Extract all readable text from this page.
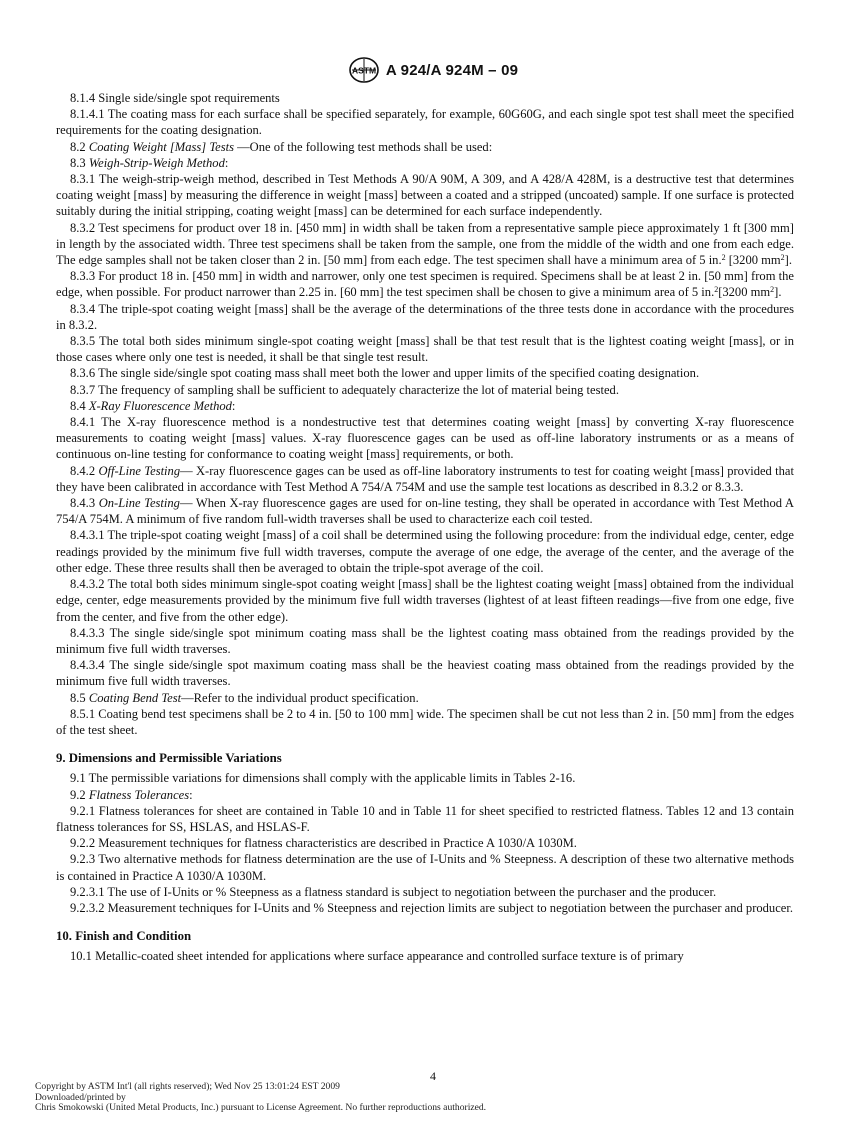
ASTM A 924/A 924M – 09

8.1.4 Single side/single spot requirements

8.1.4.1 The coating mass for each surface shall be specified separately, for example, 60G60G, and each single spot test shall meet the specified requirements for the coating designation.

8.2 Coating Weight [Mass] Tests —One of the following test methods shall be used:

8.3 Weigh-Strip-Weigh Method:

8.3.1 The weigh-strip-weigh method, described in Test Methods A 90/A 90M, A 309, and A 428/A 428M, is a destructive test that determines coating weight [mass] by measuring the difference in weight [mass] between a coated and a stripped (uncoated) sample. If one surface is protected suitably during the initial stripping, coating weight [mass] can be determined for each surface independently.

8.3.2 Test specimens for product over 18 in. [450 mm] in width shall be taken from a representative sample piece approximately 1 ft [300 mm] in length by the associated width. Three test specimens shall be taken from the sample, one from the middle of the width and one from each edge. The edge samples shall not be taken closer than 2 in. [50 mm] from each edge. The test specimen shall have a minimum area of 5 in.$^2$ [3200 $mm^2$].

8.3.3 For product 18 in. [450 mm] in width and narrower, only one test specimen is required. Specimens shall be at least 2 in. [50 mm] from the edge, when possible. For product narrower than 2.25 in. [60 mm] the test specimen shall be chosen to give a minimum area of 5 in.$^2$[3200 $mm^2$].

8.3.4 The triple-spot coating weight [mass] shall be the average of the determinations of the three tests done in accordance with the procedures in 8.3.2.

8.3.5 The total both sides minimum single-spot coating weight [mass] shall be that test result that is the lightest coating weight [mass], or in those cases where only one test is needed, it shall be that single test result.

8.3.6 The single side/single spot coating mass shall meet both the lower and upper limits of the specified coating designation.

8.3.7 The frequency of sampling shall be sufficient to adequately characterize the lot of material being tested.

8.4 X-Ray Fluorescence Method:

8.4.1 The X-ray fluorescence method is a nondestructive test that determines coating weight [mass] by converting X-ray fluorescence measurements to coating weight [mass] values. X-ray fluorescence gages can be used as off-line laboratory instruments or as a means of continuous on-line testing for conformance to coating weight [mass] requirements, or both.

8.4.2 Off-Line Testing— X-ray fluorescence gages can be used as off-line laboratory instruments to test for coating weight [mass] provided that they have been calibrated in accordance with Test Method A 754/A 754M and use the sample test locations as described in 8.3.2 or 8.3.3.

8.4.3 On-Line Testing— When X-ray fluorescence gages are used for on-line testing, they shall be operated in accordance with Test Method A 754/A 754M. A minimum of five random full-width traverses shall be used to characterize each coil tested.

8.4.3.1 The triple-spot coating weight [mass] of a coil shall be determined using the following procedure: from the individual edge, center, edge readings provided by the minimum five full width traverses, compute the average of one edge, the average of the center, and the average of the other edge. These three results shall then be averaged to obtain the triple-spot average of the coil.

8.4.3.2 The total both sides minimum single-spot coating weight [mass] shall be the lightest coating weight [mass] obtained from the individual edge, center, edge measurements provided by the minimum five full width traverses (lightest of at least fifteen readings—five from one edge, five from the center, and five from the other edge).

8.4.3.3 The single side/single spot minimum coating mass shall be the lightest coating mass obtained from the readings provided by the minimum five full width traverses.

8.4.3.4 The single side/single spot maximum coating mass shall be the heaviest coating mass obtained from the readings provided by the minimum five full width traverses.

8.5 Coating Bend Test—Refer to the individual product specification.

8.5.1 Coating bend test specimens shall be 2 to 4 in. [50 to 100 mm] wide. The specimen shall be cut not less than 2 in. [50 mm] from the edges of the test sheet.

9. Dimensions and Permissible Variations

9.1 The permissible variations for dimensions shall comply with the applicable limits in Tables 2-16.

9.2 Flatness Tolerances:

9.2.1 Flatness tolerances for sheet are contained in Table 10 and in Table 11 for sheet specified to restricted flatness. Tables 12 and 13 contain flatness tolerances for SS, HSLAS, and HSLAS-F.

9.2.2 Measurement techniques for flatness characteristics are described in Practice A 1030/A 1030M.

9.2.3 Two alternative methods for flatness determination are the use of I-Units and % Steepness. A description of these two alternative methods is contained in Practice A 1030/A 1030M.

9.2.3.1 The use of I-Units or % Steepness as a flatness standard is subject to negotiation between the purchaser and the producer.

9.2.3.2 Measurement techniques for I-Units and % Steepness and rejection limits are subject to negotiation between the purchaser and producer.

10. Finish and Condition

10.1 Metallic-coated sheet intended for applications where surface appearance and controlled surface texture is of primary

4
Copyright by ASTM Int'l (all rights reserved); Wed Nov 25 13:01:24 EST 2009
Downloaded/printed by
Chris Smokowski (United Metal Products, Inc.) pursuant to License Agreement. No further reproductions authorized.
